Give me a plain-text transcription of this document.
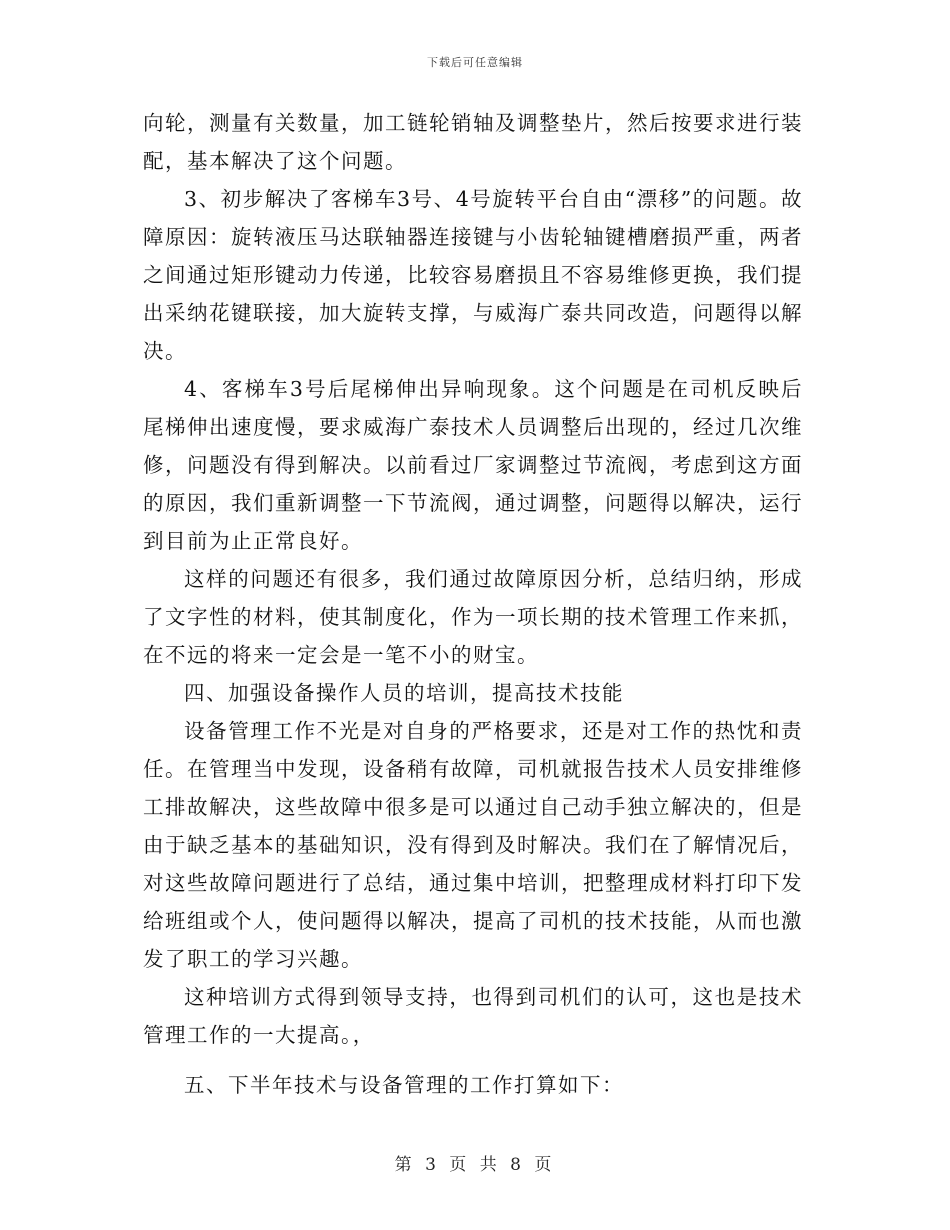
下载后可任意编辑

向轮，测量有关数量，加工链轮销轴及调整垫片，然后按要求进行装配，基本解决了这个问题。

3、初步解决了客梯车3号、4号旋转平台自由“漂移”的问题。故障原因：旋转液压马达联轴器连接键与小齿轮轴键槽磨损严重，两者之间通过矩形键动力传递，比较容易磨损且不容易维修更换，我们提出采纳花键联接，加大旋转支撑，与威海广泰共同改造，问题得以解决。

4、客梯车3号后尾梯伸出异响现象。这个问题是在司机反映后尾梯伸出速度慢，要求威海广泰技术人员调整后出现的，经过几次维修，问题没有得到解决。以前看过厂家调整过节流阀，考虑到这方面的原因，我们重新调整一下节流阀，通过调整，问题得以解决，运行到目前为止正常良好。

这样的问题还有很多，我们通过故障原因分析，总结归纳，形成了文字性的材料，使其制度化，作为一项长期的技术管理工作来抓，在不远的将来一定会是一笔不小的财宝。

四、加强设备操作人员的培训，提高技术技能

设备管理工作不光是对自身的严格要求，还是对工作的热忱和责任。在管理当中发现，设备稍有故障，司机就报告技术人员安排维修工排故解决，这些故障中很多是可以通过自己动手独立解决的，但是由于缺乏基本的基础知识，没有得到及时解决。我们在了解情况后，对这些故障问题进行了总结，通过集中培训，把整理成材料打印下发给班组或个人，使问题得以解决，提高了司机的技术技能，从而也激发了职工的学习兴趣。

这种培训方式得到领导支持，也得到司机们的认可，这也是技术管理工作的一大提高。，

五、下半年技术与设备管理的工作打算如下：

第 3 页 共 8 页
